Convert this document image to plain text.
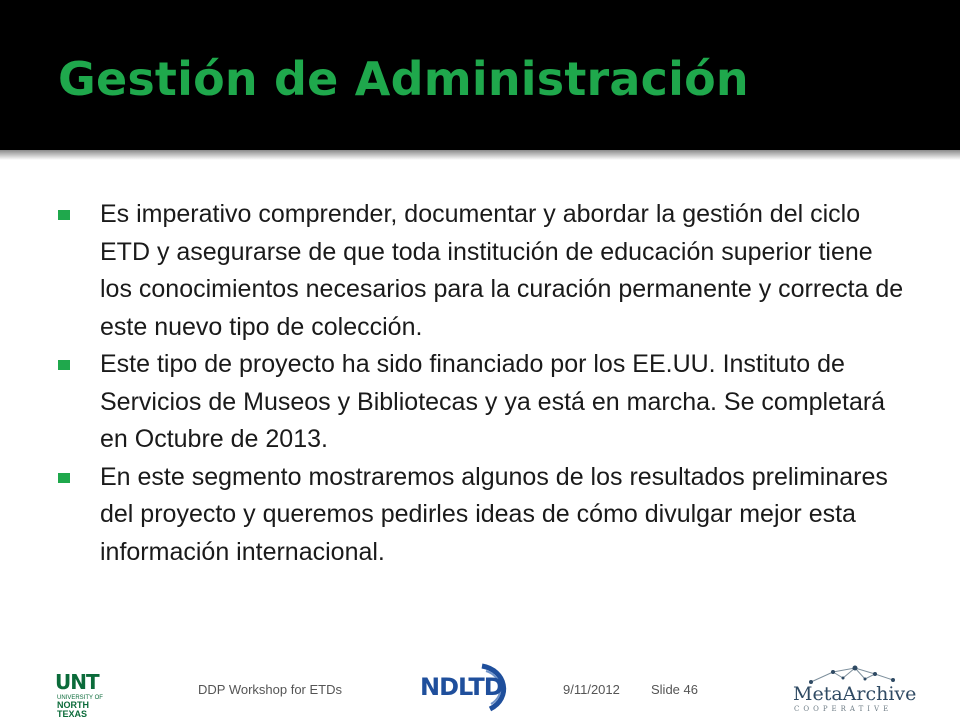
Gestión de Administración
Es imperativo comprender, documentar y abordar la gestión del ciclo ETD y asegurarse de que toda institución de educación superior tiene los conocimientos necesarios para la curación permanente y correcta de este nuevo tipo de colección.
Este tipo de proyecto ha sido financiado por los EE.UU. Instituto de Servicios de Museos y Bibliotecas y ya está en marcha. Se completará en Octubre de 2013.
En este segmento mostraremos algunos de los resultados preliminares del proyecto y queremos pedirles ideas de cómo divulgar mejor esta información internacional.
UNT
UNIVERSITY OF
NORTH TEXAS
DDP Workshop for ETDs	NDLTD	9/11/2012 Slide 46	MetaArchive
COOPERATIVE
